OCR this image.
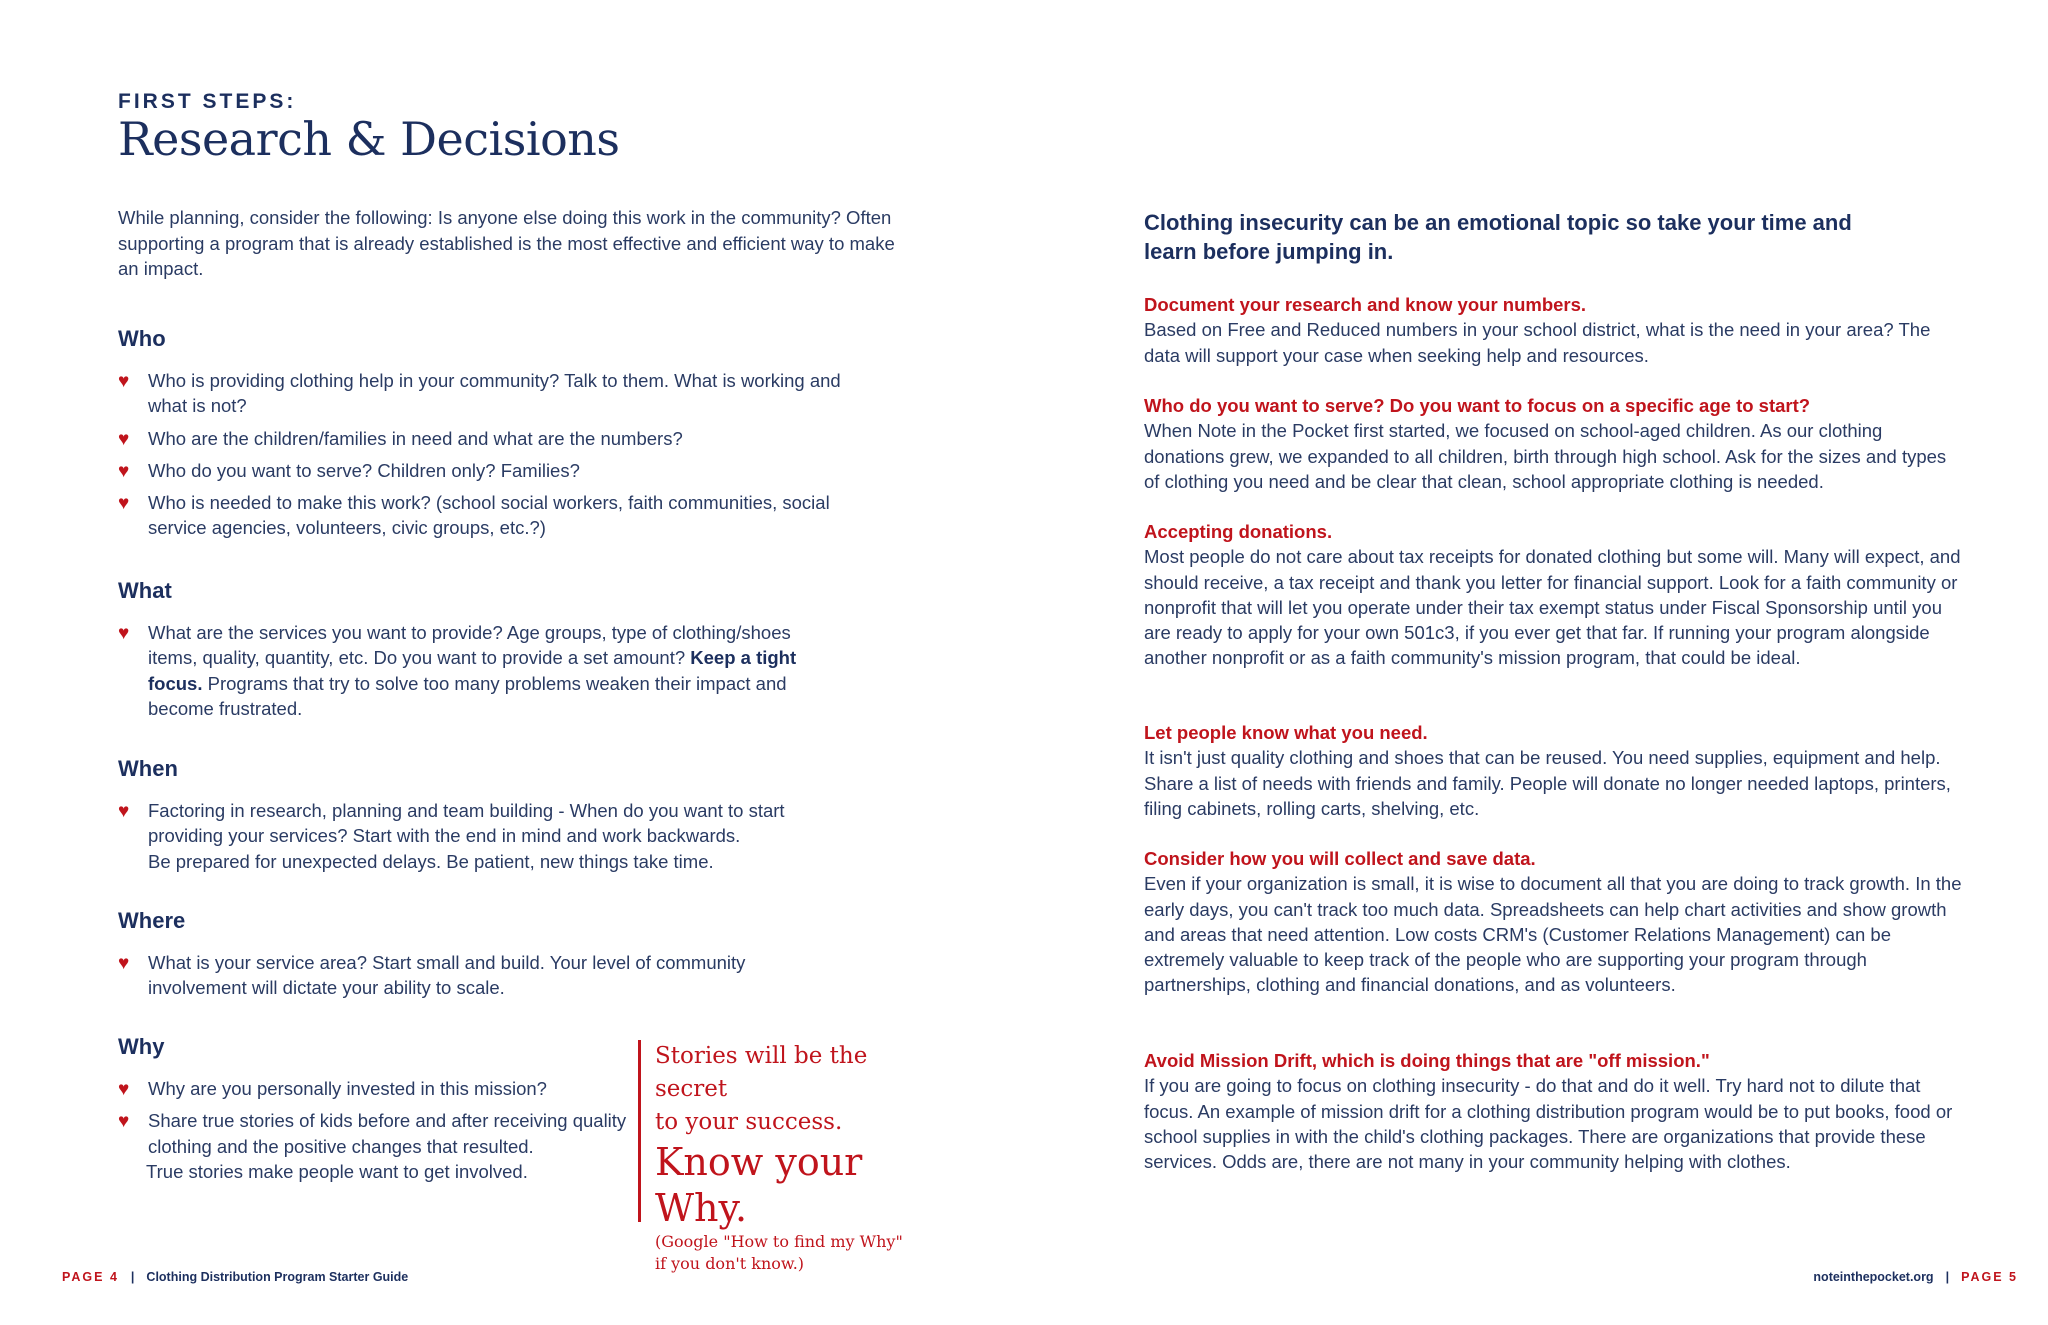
FIRST STEPS:
Research & Decisions
While planning, consider the following: Is anyone else doing this work in the community? Often supporting a program that is already established is the most effective and efficient way to make an impact.
Who
♥ Who is providing clothing help in your community? Talk to them. What is working and what is not?
♥ Who are the children/families in need and what are the numbers?
♥ Who do you want to serve? Children only? Families?
♥ Who is needed to make this work? (school social workers, faith communities, social service agencies, volunteers, civic groups, etc.?)
What
♥ What are the services you want to provide? Age groups, type of clothing/shoes items, quality, quantity, etc. Do you want to provide a set amount? Keep a tight focus. Programs that try to solve too many problems weaken their impact and become frustrated.
When
♥ Factoring in research, planning and team building - When do you want to start providing your services? Start with the end in mind and work backwards.
Be prepared for unexpected delays. Be patient, new things take time.
Where
♥ What is your service area? Start small and build. Your level of community involvement will dictate your ability to scale.
Why
♥ Why are you personally invested in this mission?
♥ Share true stories of kids before and after receiving quality clothing and the positive changes that resulted.
True stories make people want to get involved.
Stories will be the secret
to your success.
Know your Why.
(Google "How to find my Why"
if you don't know.)
PAGE 4 | Clothing Distribution Program Starter Guide
Clothing insecurity can be an emotional topic so take your time and learn before jumping in.
Document your research and know your numbers.
Based on Free and Reduced numbers in your school district, what is the need in your area? The data will support your case when seeking help and resources.
Who do you want to serve? Do you want to focus on a specific age to start?
When Note in the Pocket first started, we focused on school-aged children. As our clothing donations grew, we expanded to all children, birth through high school. Ask for the sizes and types of clothing you need and be clear that clean, school appropriate clothing is needed.
Accepting donations.
Most people do not care about tax receipts for donated clothing but some will. Many will expect, and should receive, a tax receipt and thank you letter for financial support. Look for a faith community or nonprofit that will let you operate under their tax exempt status under Fiscal Sponsorship until you are ready to apply for your own 501c3, if you ever get that far. If running your program alongside another nonprofit or as a faith community's mission program, that could be ideal.
Let people know what you need.
It isn't just quality clothing and shoes that can be reused. You need supplies, equipment and help. Share a list of needs with friends and family. People will donate no longer needed laptops, printers, filing cabinets, rolling carts, shelving, etc.
Consider how you will collect and save data.
Even if your organization is small, it is wise to document all that you are doing to track growth. In the early days, you can't track too much data. Spreadsheets can help chart activities and show growth and areas that need attention. Low costs CRM's (Customer Relations Management) can be extremely valuable to keep track of the people who are supporting your program through partnerships, clothing and financial donations, and as volunteers.
Avoid Mission Drift, which is doing things that are "off mission."
If you are going to focus on clothing insecurity - do that and do it well. Try hard not to dilute that focus. An example of mission drift for a clothing distribution program would be to put books, food or school supplies in with the child's clothing packages. There are organizations that provide these services. Odds are, there are not many in your community helping with clothes.
noteinthepocket.org | PAGE 5
